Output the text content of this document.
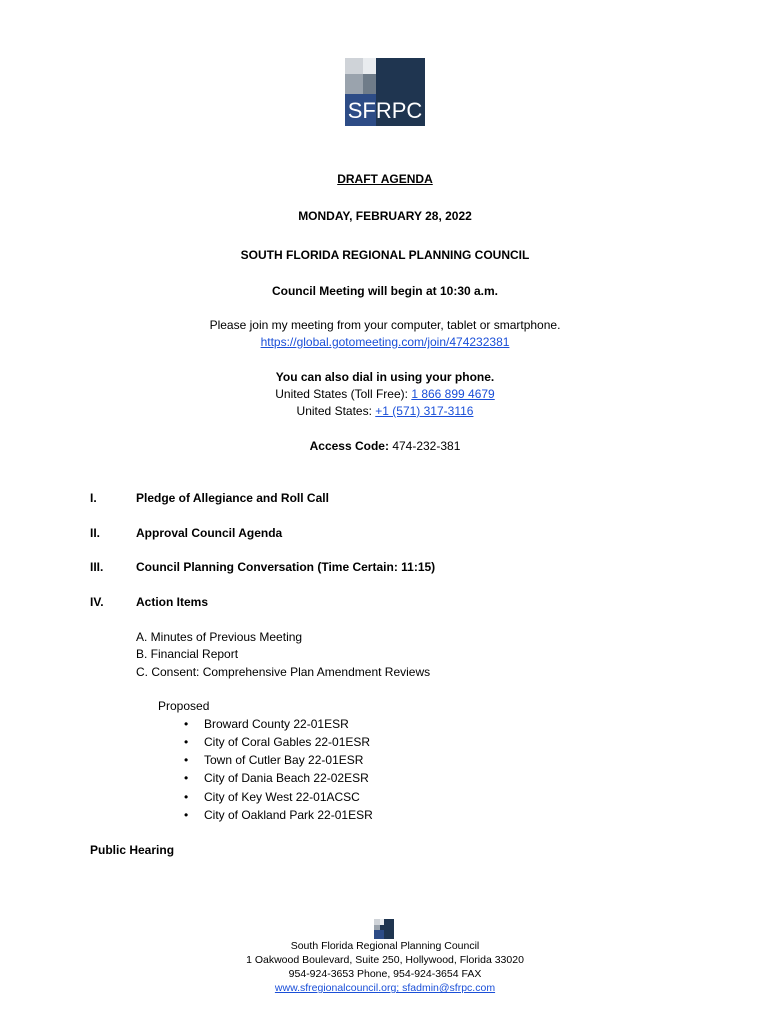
SFRPC
DRAFT AGENDA
MONDAY, FEBRUARY 28, 2022
SOUTH FLORIDA REGIONAL PLANNING COUNCIL
Council Meeting will begin at 10:30 a.m.
Please join my meeting from your computer, tablet or smartphone.
https://global.gotomeeting.com/join/474232381
You can also dial in using your phone.
United States (Toll Free): 1 866 899 4679
United States: +1 (571) 317-3116
Access Code: 474-232-381
I.	Pledge of Allegiance and Roll Call
II.	Approval Council Agenda
III.	Council Planning Conversation (Time Certain: 11:15)
IV.	Action Items
A. Minutes of Previous Meeting
B. Financial Report
C. Consent: Comprehensive Plan Amendment Reviews
Proposed
• Broward County 22-01ESR
• City of Coral Gables 22-01ESR
• Town of Cutler Bay 22-01ESR
• City of Dania Beach 22-02ESR
• City of Key West 22-01ACSC
• City of Oakland Park 22-01ESR
Public Hearing
South Florida Regional Planning Council
1 Oakwood Boulevard, Suite 250, Hollywood, Florida 33020
954-924-3653 Phone, 954-924-3654 FAX
www.sfregionalcouncil.org; sfadmin@sfrpc.com
